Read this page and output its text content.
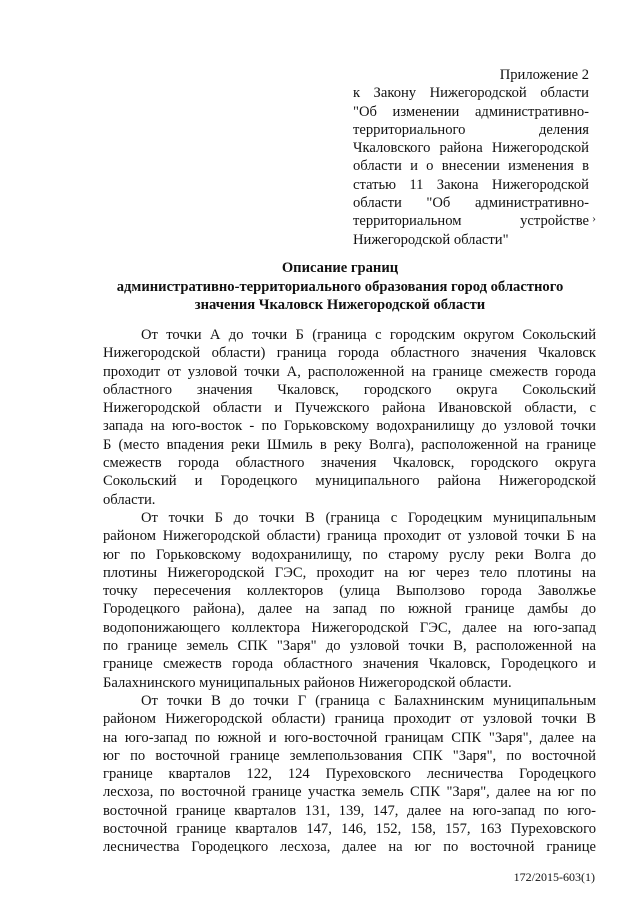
Приложение 2
к Закону Нижегородской области
"Об изменении административно-
территориального деления
Чкаловского района Нижегородской
области и о внесении изменения в
статью 11 Закона Нижегородской
области "Об административно-
территориальном устройстве
Нижегородской области"
›
Описание границ
административно-территориального образования город областного
значения Чкаловск Нижегородской области
От точки А до точки Б (граница с городским округом Сокольский
Нижегородской области) граница города областного значения Чкаловск
проходит от узловой точки А, расположенной на границе смежеств города
областного значения Чкаловск, городского округа Сокольский
Нижегородской области и Пучежского района Ивановской области, с
запада на юго-восток - по Горьковскому водохранилищу до узловой точки
Б (место впадения реки Шмиль в реку Волга), расположенной на границе
смежеств города областного значения Чкаловск, городского округа
Сокольский и Городецкого муниципального района Нижегородской
области.
От точки Б до точки В (граница с Городецким муниципальным
районом Нижегородской области) граница проходит от узловой точки Б на
юг по Горьковскому водохранилищу, по старому руслу реки Волга до
плотины Нижегородской ГЭС, проходит на юг через тело плотины на
точку пересечения коллекторов (улица Выползово города Заволжье
Городецкого района), далее на запад по южной границе дамбы до
водопонижающего коллектора Нижегородской ГЭС, далее на юго-запад
по границе земель СПК "Заря" до узловой точки В, расположенной на
границе смежеств города областного значения Чкаловск, Городецкого и
Балахнинского муниципальных районов Нижегородской области.
От точки В до точки Г (граница с Балахнинским муниципальным
районом Нижегородской области) граница проходит от узловой точки В
на юго-запад по южной и юго-восточной границам СПК "Заря", далее на
юг по восточной границе землепользования СПК "Заря", по восточной
границе кварталов 122, 124 Пуреховского лесничества Городецкого
лесхоза, по восточной границе участка земель СПК "Заря", далее на юг по
восточной границе кварталов 131, 139, 147, далее на юго-запад по юго-
восточной границе кварталов 147, 146, 152, 158, 157, 163 Пуреховского
лесничества Городецкого лесхоза, далее на юг по восточной границе
172/2015-603(1)
